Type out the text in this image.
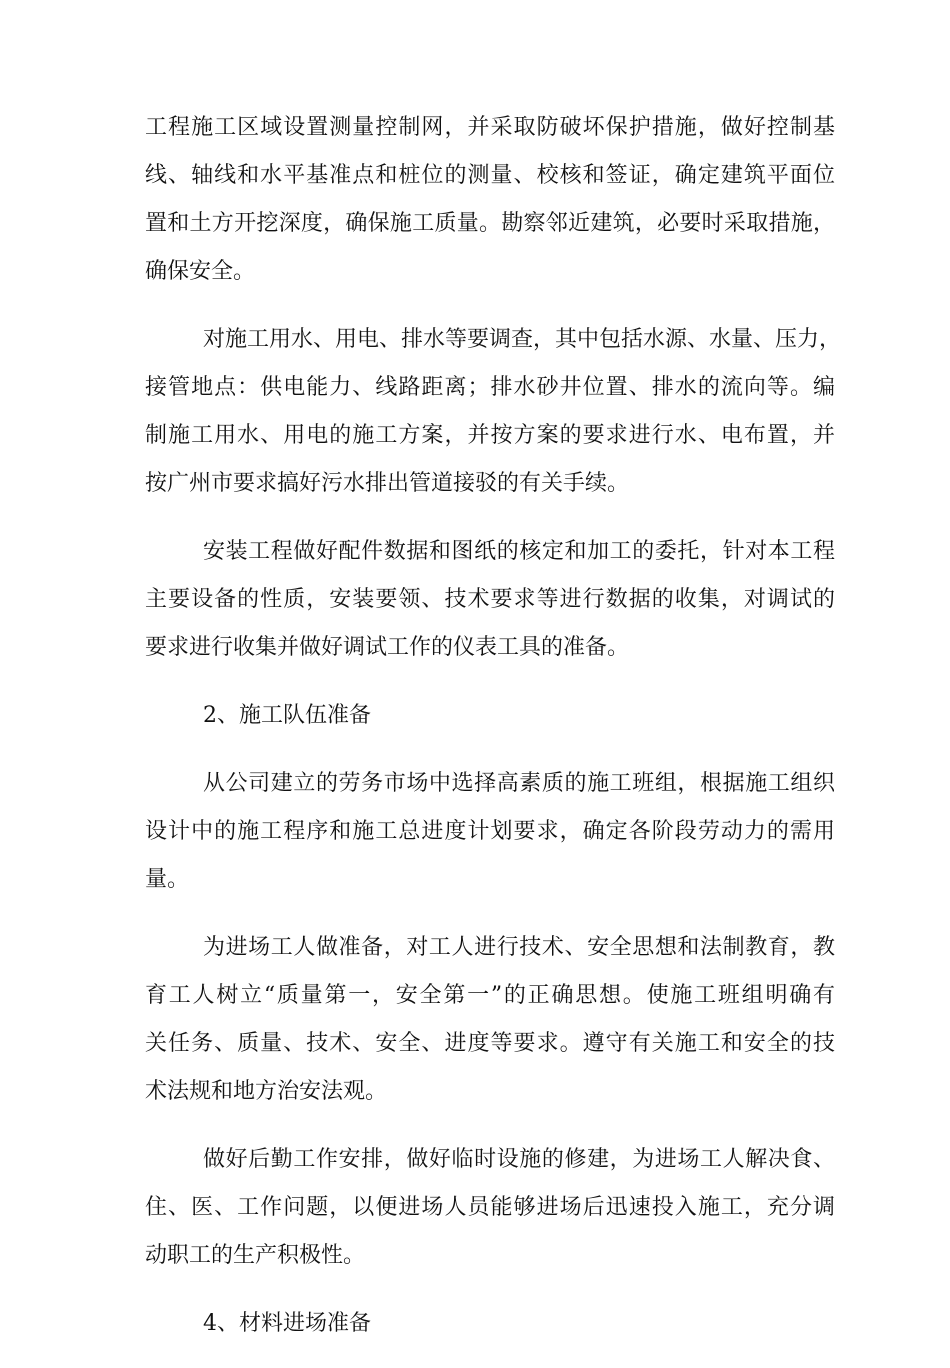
工程施工区域设置测量控制网，并采取防破坏保护措施，做好控制基
线、轴线和水平基准点和桩位的测量、校核和签证，确定建筑平面位
置和土方开挖深度，确保施工质量。勘察邻近建筑，必要时采取措施，
确保安全。
对施工用水、用电、排水等要调查，其中包括水源、水量、压力，
接管地点：供电能力、线路距离；排水砂井位置、排水的流向等。编
制施工用水、用电的施工方案，并按方案的要求进行水、电布置，并
按广州市要求搞好污水排出管道接驳的有关手续。
安装工程做好配件数据和图纸的核定和加工的委托，针对本工程
主要设备的性质，安装要领、技术要求等进行数据的收集，对调试的
要求进行收集并做好调试工作的仪表工具的准备。
2、施工队伍准备
从公司建立的劳务市场中选择高素质的施工班组，根据施工组织
设计中的施工程序和施工总进度计划要求，确定各阶段劳动力的需用
量。
为进场工人做准备，对工人进行技术、安全思想和法制教育，教
育工人树立“质量第一，安全第一”的正确思想。使施工班组明确有
关任务、质量、技术、安全、进度等要求。遵守有关施工和安全的技
术法规和地方治安法观。
做好后勤工作安排，做好临时设施的修建，为进场工人解决食、
住、医、工作问题，以便进场人员能够进场后迅速投入施工，充分调
动职工的生产积极性。
4、材料进场准备
